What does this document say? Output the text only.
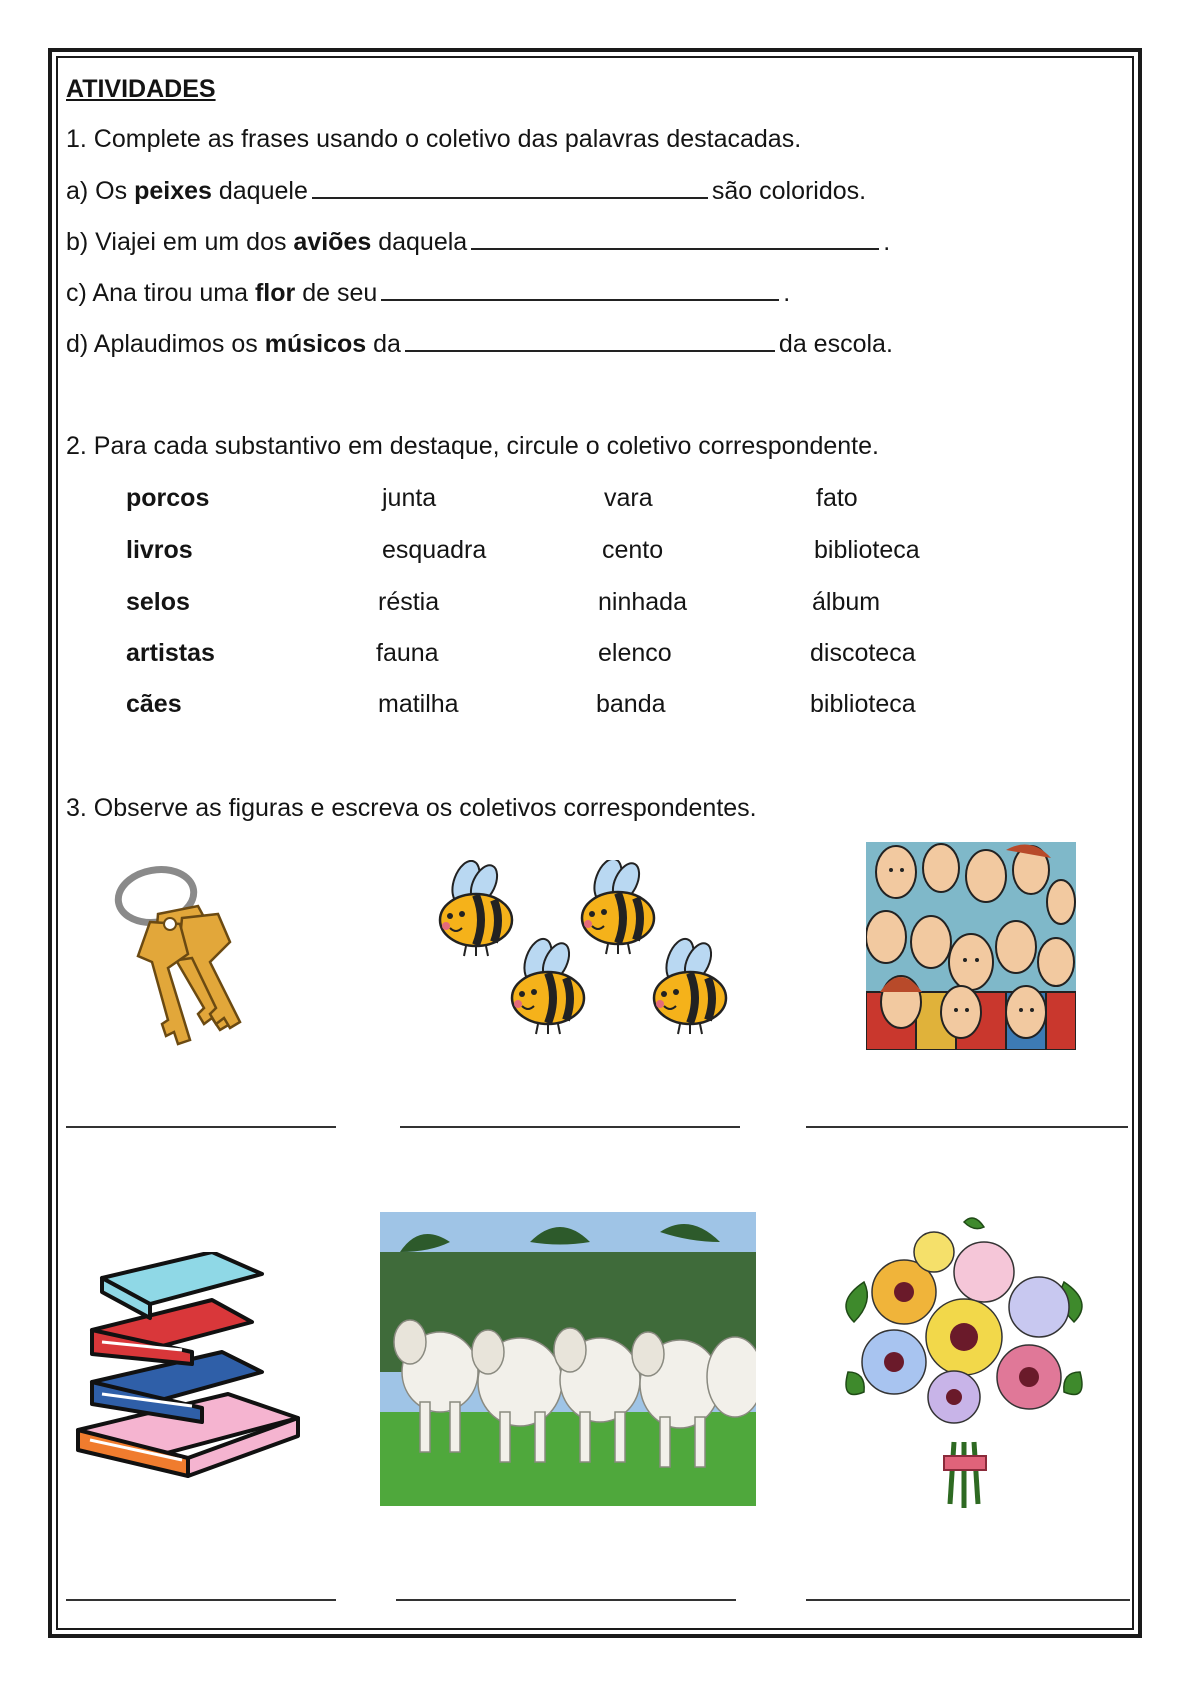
ATIVIDADES
1. Complete as frases usando o coletivo das palavras destacadas.
a) Os peixes daquele	são coloridos.
b) Viajei em um dos aviões daquela	.
c) Ana tirou uma flor de seu	.
d) Aplaudimos os músicos da	da escola.
2. Para cada substantivo em destaque, circule o coletivo correspondente.
porcos	junta	vara	fato
livros	esquadra	cento	biblioteca
selos	réstia	ninhada	álbum
artistas	fauna	elenco	discoteca
cães	matilha	banda	biblioteca
3. Observe as figuras e escreva os coletivos correspondentes.
